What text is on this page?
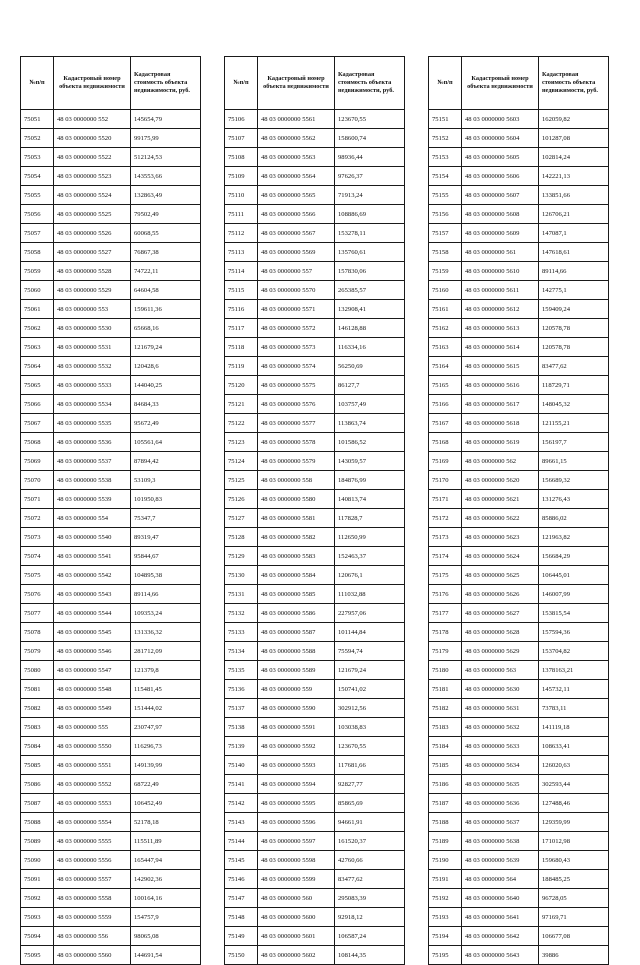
№п/п	Кадастровый номер объекта недвижимости	Кадастровая стоимость объекта недвижимости, руб.
75051	48 03 0000000 552	145654,79
75052	48 03 0000000 5520	99175,99
75053	48 03 0000000 5522	512124,53
75054	48 03 0000000 5523	143553,66
75055	48 03 0000000 5524	132863,49
75056	48 03 0000000 5525	79502,49
75057	48 03 0000000 5526	60068,55
75058	48 03 0000000 5527	76867,38
75059	48 03 0000000 5528	74722,11
75060	48 03 0000000 5529	64604,58
75061	48 03 0000000 553	159611,36
75062	48 03 0000000 5530	65668,16
75063	48 03 0000000 5531	121679,24
75064	48 03 0000000 5532	120428,6
75065	48 03 0000000 5533	144040,25
75066	48 03 0000000 5534	84684,33
75067	48 03 0000000 5535	95672,49
75068	48 03 0000000 5536	105561,64
75069	48 03 0000000 5537	87894,42
75070	48 03 0000000 5538	53109,3
75071	48 03 0000000 5539	101950,83
75072	48 03 0000000 554	75347,7
75073	48 03 0000000 5540	89319,47
75074	48 03 0000000 5541	95844,67
75075	48 03 0000000 5542	104895,38
75076	48 03 0000000 5543	89114,66
75077	48 03 0000000 5544	109353,24
75078	48 03 0000000 5545	131336,32
75079	48 03 0000000 5546	281712,09
75080	48 03 0000000 5547	121379,8
75081	48 03 0000000 5548	115481,45
75082	48 03 0000000 5549	151444,02
75083	48 03 0000000 555	230747,97
75084	48 03 0000000 5550	116296,73
75085	48 03 0000000 5551	149139,99
75086	48 03 0000000 5552	68722,49
75087	48 03 0000000 5553	106452,49
75088	48 03 0000000 5554	52178,18
75089	48 03 0000000 5555	115511,89
75090	48 03 0000000 5556	165447,94
75091	48 03 0000000 5557	142902,36
75092	48 03 0000000 5558	100164,16
75093	48 03 0000000 5559	154757,9
75094	48 03 0000000 556	98065,08
75095	48 03 0000000 5560	144691,54
№п/п	Кадастровый номер объекта недвижимости	Кадастровая стоимость объекта недвижимости, руб.
75106	48 03 0000000 5561	123670,55
75107	48 03 0000000 5562	158600,74
75108	48 03 0000000 5563	98936,44
75109	48 03 0000000 5564	97626,37
75110	48 03 0000000 5565	71913,24
75111	48 03 0000000 5566	108886,69
75112	48 03 0000000 5567	153278,11
75113	48 03 0000000 5569	135760,61
75114	48 03 0000000 557	157830,06
75115	48 03 0000000 5570	265385,57
75116	48 03 0000000 5571	132908,41
75117	48 03 0000000 5572	146128,88
75118	48 03 0000000 5573	116334,16
75119	48 03 0000000 5574	56250,69
75120	48 03 0000000 5575	86127,7
75121	48 03 0000000 5576	103757,49
75122	48 03 0000000 5577	113863,74
75123	48 03 0000000 5578	101586,52
75124	48 03 0000000 5579	143059,57
75125	48 03 0000000 558	184876,99
75126	48 03 0000000 5580	140813,74
75127	48 03 0000000 5581	117828,7
75128	48 03 0000000 5582	112650,99
75129	48 03 0000000 5583	152463,37
75130	48 03 0000000 5584	120676,1
75131	48 03 0000000 5585	111032,88
75132	48 03 0000000 5586	227957,06
75133	48 03 0000000 5587	101144,84
75134	48 03 0000000 5588	75594,74
75135	48 03 0000000 5589	121679,24
75136	48 03 0000000 559	150741,02
75137	48 03 0000000 5590	302912,56
75138	48 03 0000000 5591	103038,83
75139	48 03 0000000 5592	123670,55
75140	48 03 0000000 5593	117681,66
75141	48 03 0000000 5594	92827,77
75142	48 03 0000000 5595	85865,69
75143	48 03 0000000 5596	94661,91
75144	48 03 0000000 5597	161520,37
75145	48 03 0000000 5598	42760,66
75146	48 03 0000000 5599	83477,62
75147	48 03 0000000 560	295083,39
75148	48 03 0000000 5600	92918,12
75149	48 03 0000000 5601	106587,24
75150	48 03 0000000 5602	108144,35
№п/п	Кадастровый номер объекта недвижимости	Кадастровая стоимость объекта недвижимости, руб.
75151	48 03 0000000 5603	162059,82
75152	48 03 0000000 5604	101287,08
75153	48 03 0000000 5605	102814,24
75154	48 03 0000000 5606	142221,13
75155	48 03 0000000 5607	133851,66
75156	48 03 0000000 5608	126706,21
75157	48 03 0000000 5609	147087,1
75158	48 03 0000000 561	147618,61
75159	48 03 0000000 5610	89114,66
75160	48 03 0000000 5611	142775,1
75161	48 03 0000000 5612	159409,24
75162	48 03 0000000 5613	120578,78
75163	48 03 0000000 5614	120578,78
75164	48 03 0000000 5615	83477,62
75165	48 03 0000000 5616	118729,71
75166	48 03 0000000 5617	148045,32
75167	48 03 0000000 5618	121155,21
75168	48 03 0000000 5619	156197,7
75169	48 03 0000000 562	89661,15
75170	48 03 0000000 5620	156689,32
75171	48 03 0000000 5621	131276,43
75172	48 03 0000000 5622	85886,02
75173	48 03 0000000 5623	121963,82
75174	48 03 0000000 5624	156684,29
75175	48 03 0000000 5625	106445,01
75176	48 03 0000000 5626	146007,99
75177	48 03 0000000 5627	153815,54
75178	48 03 0000000 5628	157594,36
75179	48 03 0000000 5629	153704,82
75180	48 03 0000000 563	1378163,21
75181	48 03 0000000 5630	145732,11
75182	48 03 0000000 5631	73783,11
75183	48 03 0000000 5632	141119,18
75184	48 03 0000000 5633	108633,41
75185	48 03 0000000 5634	126020,63
75186	48 03 0000000 5635	302593,44
75187	48 03 0000000 5636	127488,46
75188	48 03 0000000 5637	129359,99
75189	48 03 0000000 5638	171012,98
75190	48 03 0000000 5639	159680,43
75191	48 03 0000000 564	188485,25
75192	48 03 0000000 5640	96728,05
75193	48 03 0000000 5641	97169,71
75194	48 03 0000000 5642	106677,08
75195	48 03 0000000 5643	39886
